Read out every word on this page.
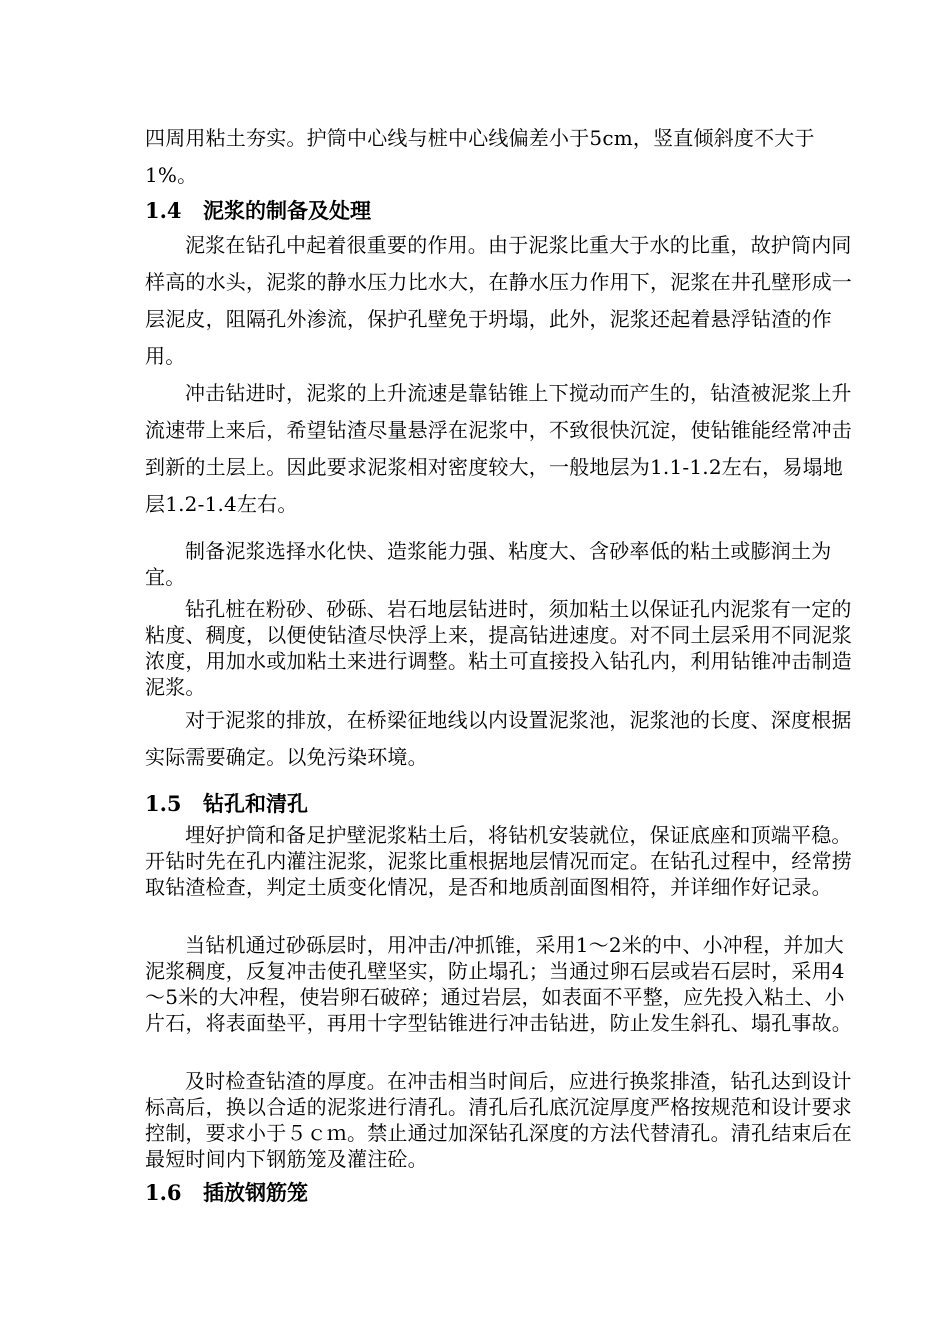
四周用粘土夯实。护筒中心线与桩中心线偏差小于5cm，竖直倾斜度不大于1%。

1.4 泥浆的制备及处理

泥浆在钻孔中起着很重要的作用。由于泥浆比重大于水的比重，故护筒内同样高的水头，泥浆的静水压力比水大，在静水压力作用下，泥浆在井孔壁形成一层泥皮，阻隔孔外渗流，保护孔壁免于坍塌，此外，泥浆还起着悬浮钻渣的作用。

冲击钻进时，泥浆的上升流速是靠钻锥上下搅动而产生的，钻渣被泥浆上升流速带上来后，希望钻渣尽量悬浮在泥浆中，不致很快沉淀，使钻锥能经常冲击到新的土层上。因此要求泥浆相对密度较大，一般地层为1.1-1.2左右，易塌地层1.2-1.4左右。

制备泥浆选择水化快、造浆能力强、粘度大、含砂率低的粘土或膨润土为宜。

钻孔桩在粉砂、砂砾、岩石地层钻进时，须加粘土以保证孔内泥浆有一定的粘度、稠度，以便使钻渣尽快浮上来，提高钻进速度。对不同土层采用不同泥浆浓度，用加水或加粘土来进行调整。粘土可直接投入钻孔内，利用钻锥冲击制造泥浆。

对于泥浆的排放，在桥梁征地线以内设置泥浆池，泥浆池的长度、深度根据实际需要确定。以免污染环境。

1.5 钻孔和清孔

埋好护筒和备足护壁泥浆粘土后，将钻机安装就位，保证底座和顶端平稳。开钻时先在孔内灌注泥浆，泥浆比重根据地层情况而定。在钻孔过程中，经常捞取钻渣检查，判定土质变化情况，是否和地质剖面图相符，并详细作好记录。

当钻机通过砂砾层时，用冲击/冲抓锥，采用1～2米的中、小冲程，并加大泥浆稠度，反复冲击使孔壁坚实，防止塌孔；当通过卵石层或岩石层时，采用4～5米的大冲程，使岩卵石破碎；通过岩层，如表面不平整，应先投入粘土、小片石，将表面垫平，再用十字型钻锥进行冲击钻进，防止发生斜孔、塌孔事故。

及时检查钻渣的厚度。在冲击相当时间后，应进行换浆排渣，钻孔达到设计标高后，换以合适的泥浆进行清孔。清孔后孔底沉淀厚度严格按规范和设计要求控制，要求小于５ｃｍ。禁止通过加深钻孔深度的方法代替清孔。清孔结束后在最短时间内下钢筋笼及灌注砼。

1.6 插放钢筋笼
